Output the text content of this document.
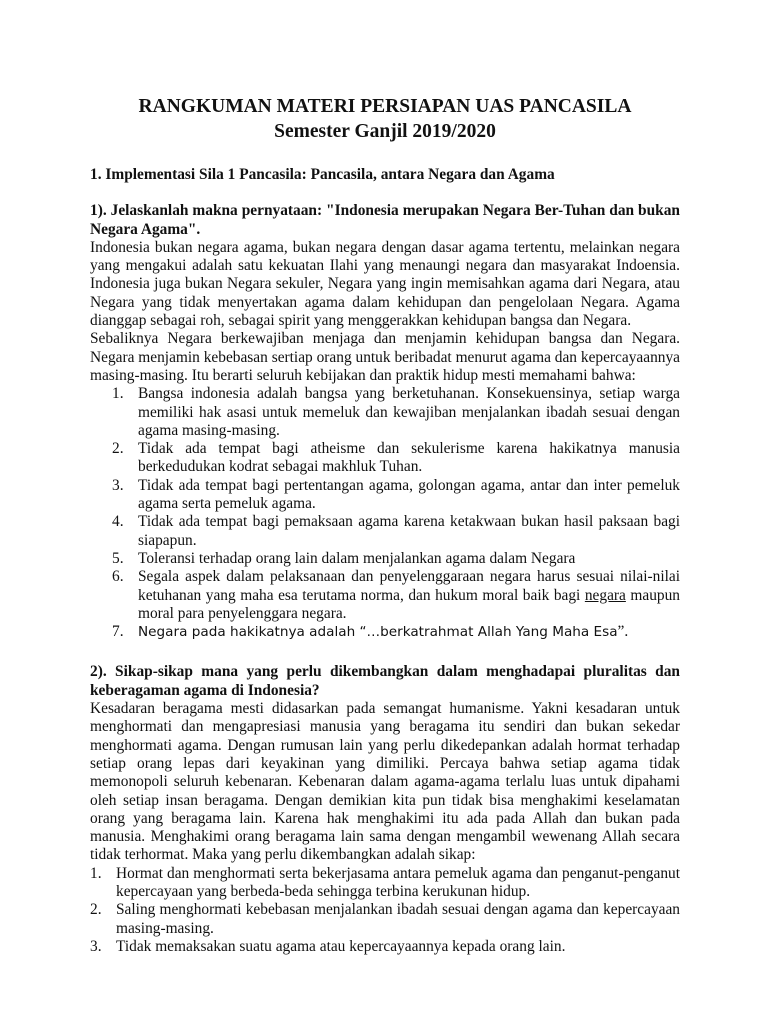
RANGKUMAN MATERI PERSIAPAN UAS PANCASILA
Semester Ganjil 2019/2020
1. Implementasi Sila 1 Pancasila: Pancasila, antara Negara dan Agama
1). Jelaskanlah makna pernyataan: "Indonesia merupakan Negara Ber-Tuhan dan bukan Negara Agama".

Indonesia bukan negara agama, bukan negara dengan dasar agama tertentu, melainkan negara yang mengakui adalah satu kekuatan Ilahi yang menaungi negara dan masyarakat Indoensia. Indonesia juga bukan Negara sekuler, Negara yang ingin memisahkan agama dari Negara, atau Negara yang tidak menyertakan agama dalam kehidupan dan pengelolaan Negara. Agama dianggap sebagai roh, sebagai spirit yang menggerakkan kehidupan bangsa dan Negara.

Sebaliknya Negara berkewajiban menjaga dan menjamin kehidupan bangsa dan Negara. Negara menjamin kebebasan sertiap orang untuk beribadat menurut agama dan kepercayaannya masing-masing. Itu berarti seluruh kebijakan dan praktik hidup mesti memahami bahwa:

1. Bangsa indonesia adalah bangsa yang berketuhanan. Konsekuensinya, setiap warga memiliki hak asasi untuk memeluk dan kewajiban menjalankan ibadah sesuai dengan agama masing-masing.
2. Tidak ada tempat bagi atheisme dan sekulerisme karena hakikatnya manusia berkedudukan kodrat sebagai makhluk Tuhan.
3. Tidak ada tempat bagi pertentangan agama, golongan agama, antar dan inter pemeluk agama serta pemeluk agama.
4. Tidak ada tempat bagi pemaksaan agama karena ketakwaan bukan hasil paksaan bagi siapapun.
5. Toleransi terhadap orang lain dalam menjalankan agama dalam Negara
6. Segala aspek dalam pelaksanaan dan penyelenggaraan negara harus sesuai nilai-nilai ketuhanan yang maha esa terutama norma, dan hukum moral baik bagi negara maupun moral para penyelenggara negara.
7.	Negara pada hakikatnya adalah “…berkatrahmat Allah Yang Maha Esa”.
2). Sikap-sikap mana yang perlu dikembangkan dalam menghadapai pluralitas dan keberagaman agama di Indonesia?

Kesadaran beragama mesti didasarkan pada semangat humanisme. Yakni kesadaran untuk menghormati dan mengapresiasi manusia yang beragama itu sendiri dan bukan sekedar menghormati agama. Dengan rumusan lain yang perlu dikedepankan adalah hormat terhadap setiap orang lepas dari keyakinan yang dimiliki. Percaya bahwa setiap agama tidak memonopoli seluruh kebenaran. Kebenaran dalam agama-agama terlalu luas untuk dipahami oleh setiap insan beragama. Dengan demikian kita pun tidak bisa menghakimi keselamatan orang yang beragama lain. Karena hak menghakimi itu ada pada Allah dan bukan pada manusia. Menghakimi orang beragama lain sama dengan mengambil wewenang Allah secara tidak terhormat. Maka yang perlu dikembangkan adalah sikap:

1. Hormat dan menghormati serta bekerjasama antara pemeluk agama dan penganut-penganut kepercayaan yang berbeda-beda sehingga terbina kerukunan hidup.
2. Saling menghormati kebebasan menjalankan ibadah sesuai dengan agama dan kepercayaan masing-masing.
3. Tidak memaksakan suatu agama atau kepercayaannya kepada orang lain.
